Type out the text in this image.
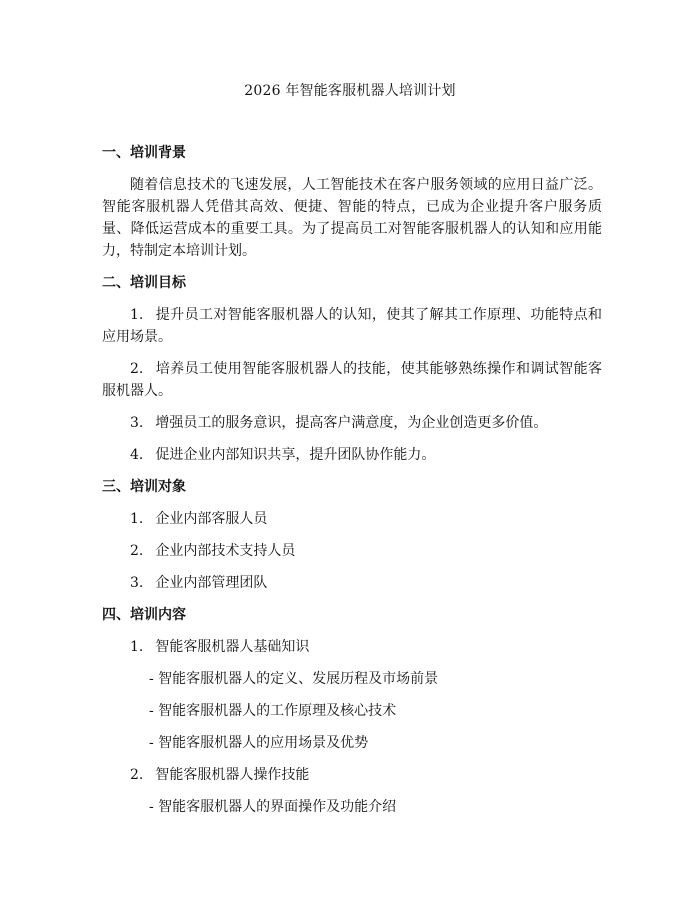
2026 年智能客服机器人培训计划
一、培训背景
随着信息技术的飞速发展，人工智能技术在客户服务领域的应用日益广泛。智能客服机器人凭借其高效、便捷、智能的特点，已成为企业提升客户服务质量、降低运营成本的重要工具。为了提高员工对智能客服机器人的认知和应用能力，特制定本培训计划。
二、培训目标
1. 提升员工对智能客服机器人的认知，使其了解其工作原理、功能特点和应用场景。
2. 培养员工使用智能客服机器人的技能，使其能够熟练操作和调试智能客服机器人。
3. 增强员工的服务意识，提高客户满意度，为企业创造更多价值。
4. 促进企业内部知识共享，提升团队协作能力。
三、培训对象
1. 企业内部客服人员
2. 企业内部技术支持人员
3. 企业内部管理团队
四、培训内容
1. 智能客服机器人基础知识
- 智能客服机器人的定义、发展历程及市场前景
- 智能客服机器人的工作原理及核心技术
- 智能客服机器人的应用场景及优势
2. 智能客服机器人操作技能
- 智能客服机器人的界面操作及功能介绍
